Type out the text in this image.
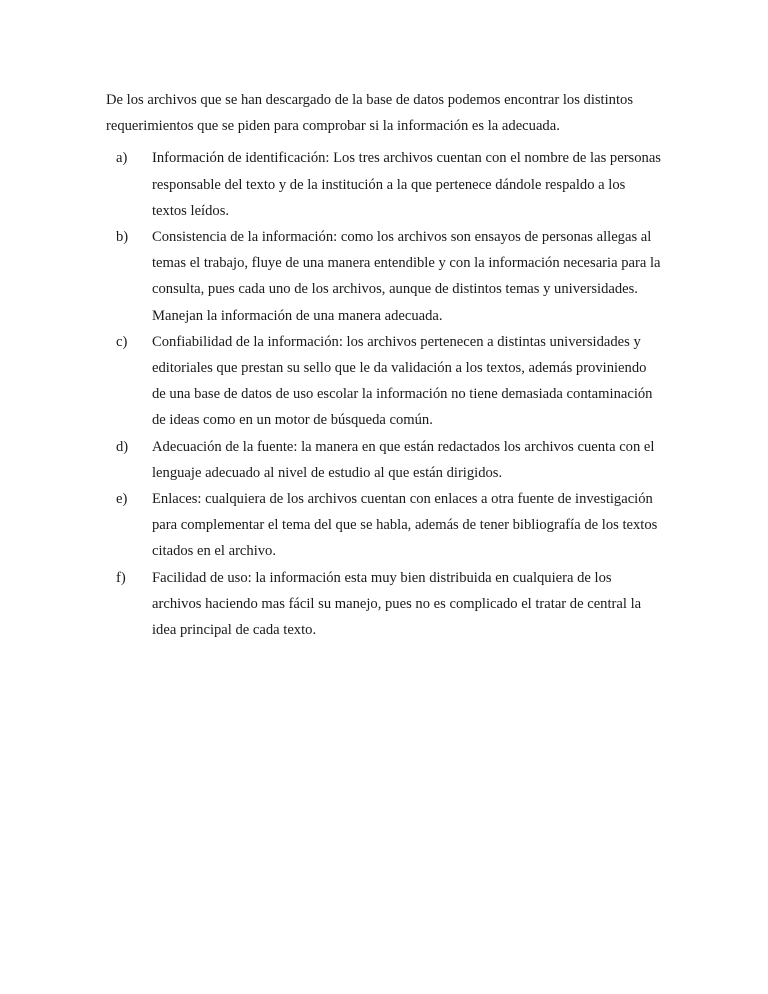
De los archivos que se han descargado de la base de datos podemos encontrar los distintos requerimientos que se piden para comprobar si la información es la adecuada.

a) Información de identificación: Los tres archivos cuentan con el nombre de las personas responsable del texto y de la institución a la que pertenece dándole respaldo a los textos leídos.
b) Consistencia de la información: como los archivos son ensayos de personas allegas al temas el trabajo, fluye de una manera entendible y con la información necesaria para la consulta, pues cada uno de los archivos, aunque de distintos temas y universidades. Manejan la información de una manera adecuada.
c) Confiabilidad de la información: los archivos pertenecen a distintas universidades y editoriales que prestan su sello que le da validación a los textos, además proviniendo de una base de datos de uso escolar la información no tiene demasiada contaminación de ideas como en un motor de búsqueda común.
d) Adecuación de la fuente: la manera en que están redactados los archivos cuenta con el lenguaje adecuado al nivel de estudio al que están dirigidos.
e) Enlaces: cualquiera de los archivos cuentan con enlaces a otra fuente de investigación para complementar el tema del que se habla, además de tener bibliografía de los textos citados en el archivo.
f) Facilidad de uso: la información esta muy bien distribuida en cualquiera de los archivos haciendo mas fácil su manejo, pues no es complicado el tratar de central la idea principal de cada texto.
